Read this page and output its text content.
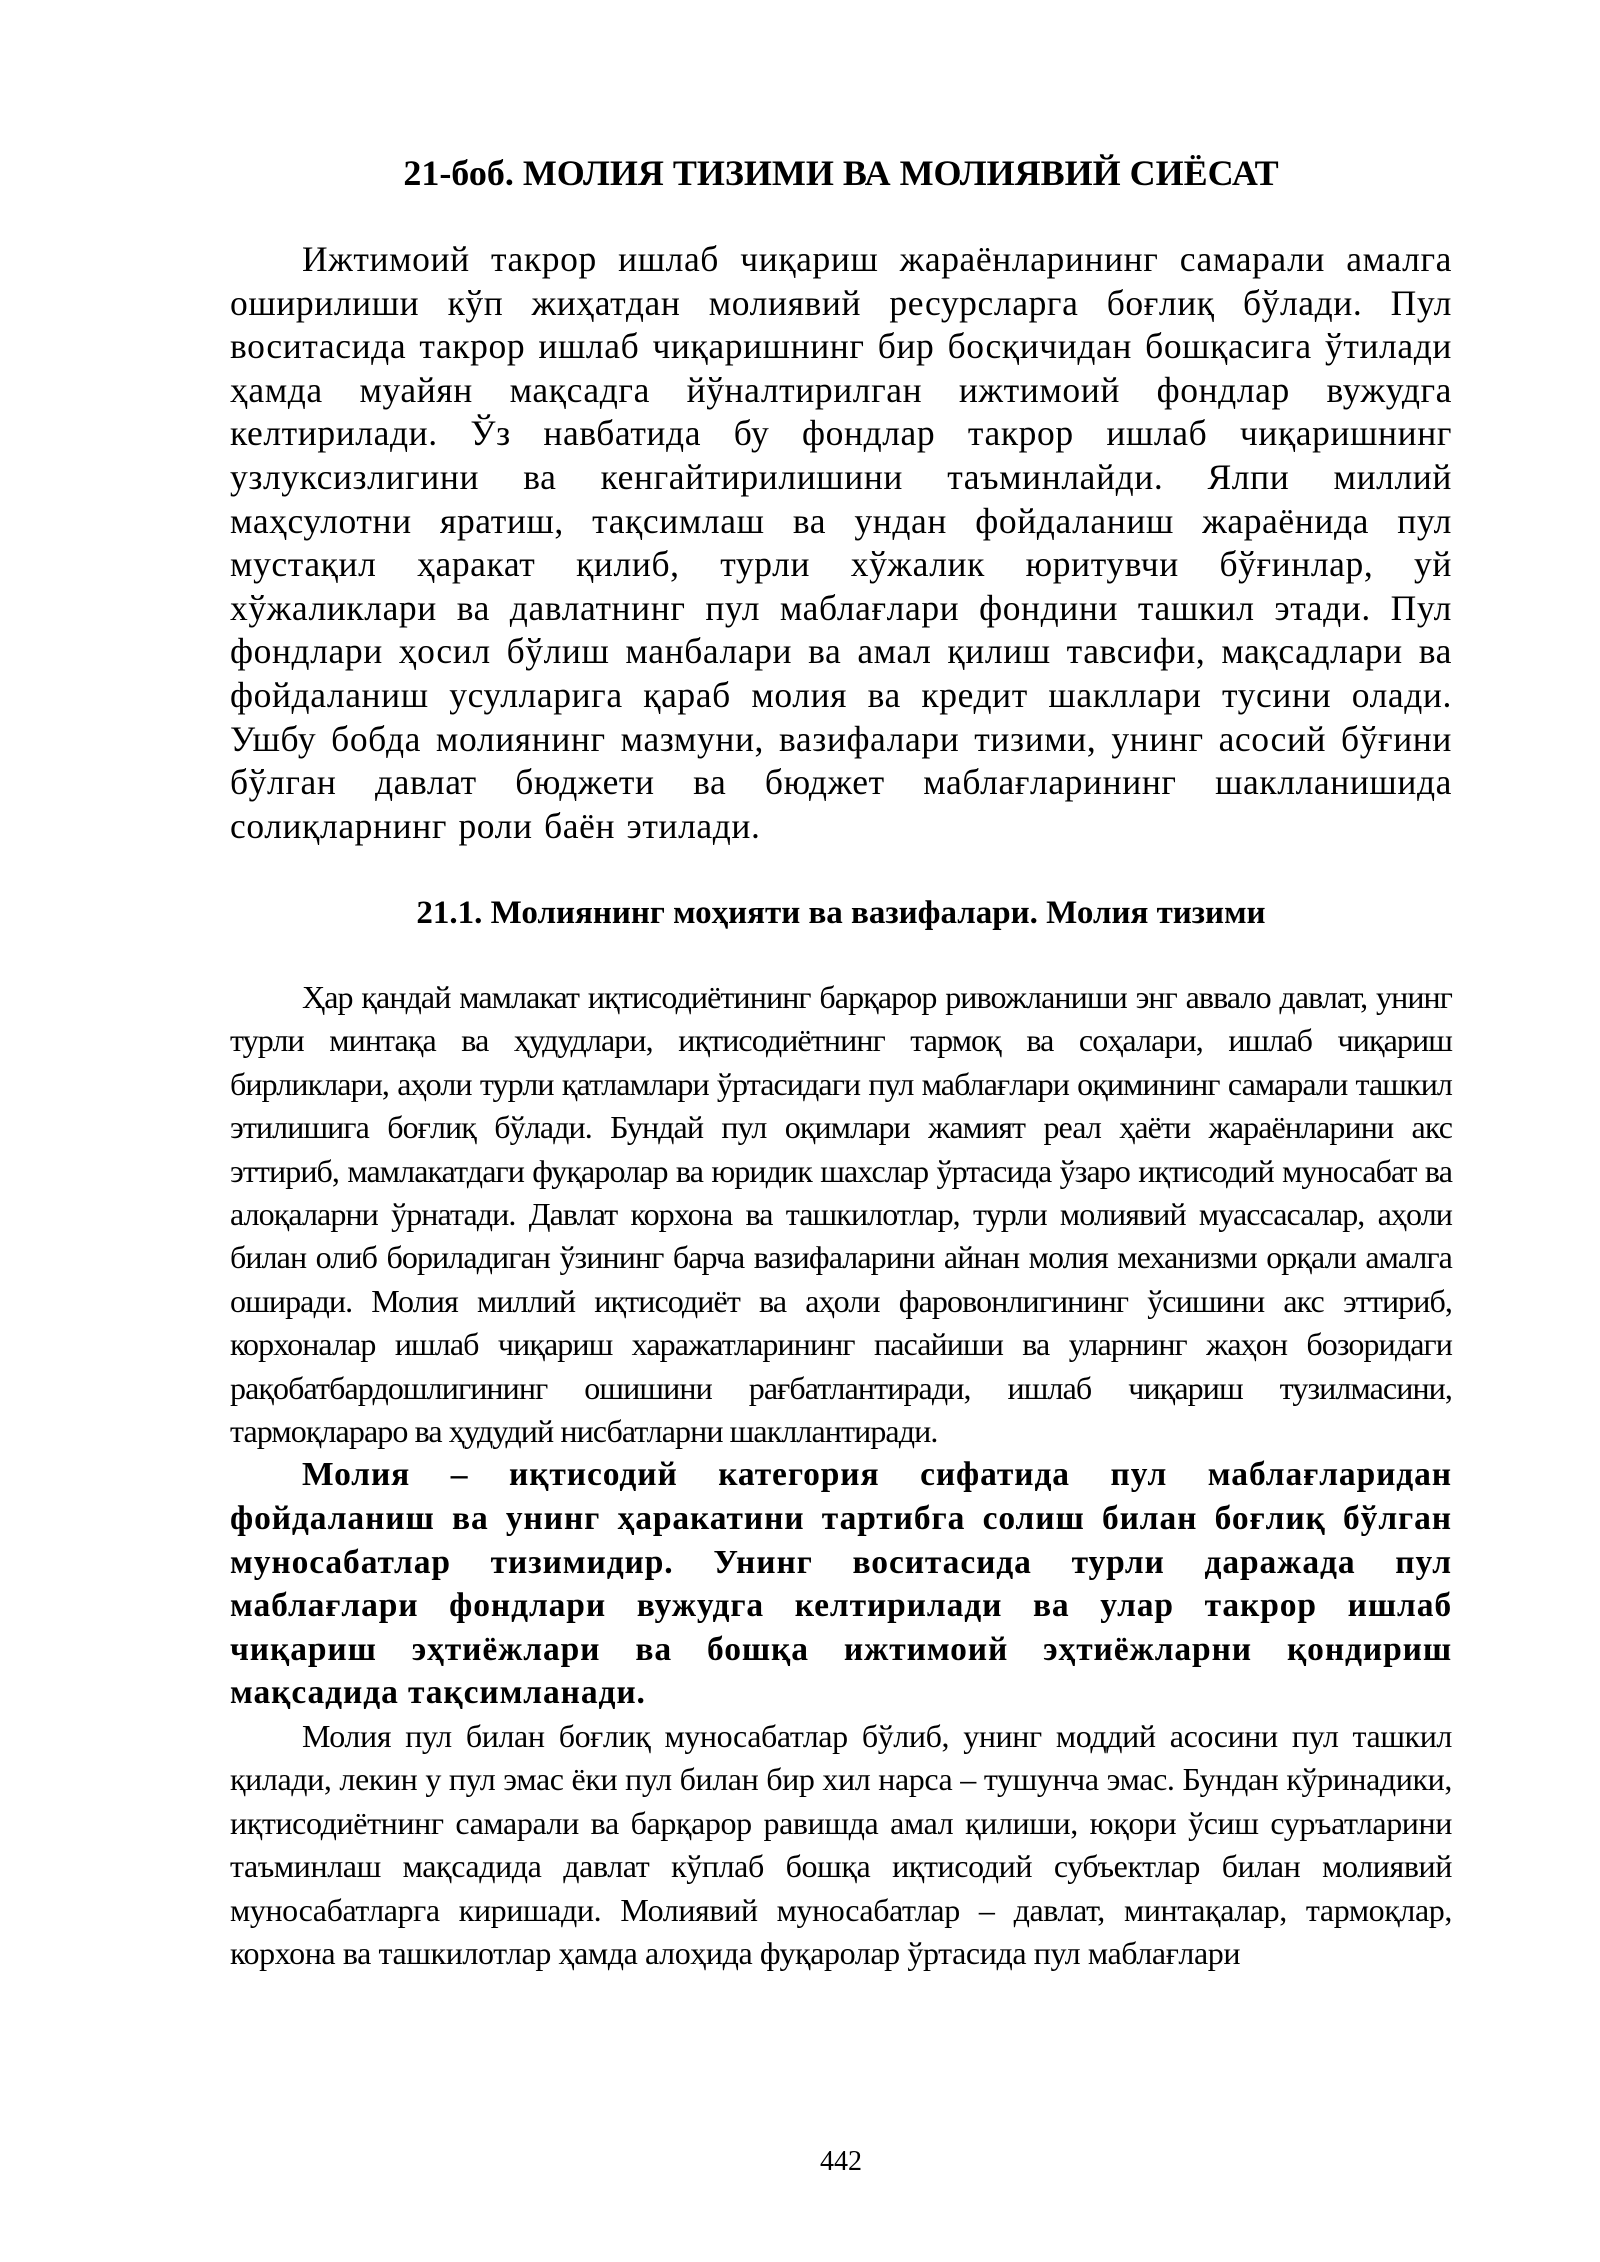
21-боб. МОЛИЯ ТИЗИМИ ВА МОЛИЯВИЙ СИЁСАТ

Ижтимоий такрор ишлаб чиқариш жараёнларининг самарали амалга оширилиши кўп жиҳатдан молиявий ресурсларга боғлиқ бўлади. Пул воситасида такрор ишлаб чиқаришнинг бир босқичидан бошқасига ўтилади ҳамда муайян мақсадга йўналтирилган ижтимоий фондлар вужудга келтирилади. Ўз навбатида бу фондлар такрор ишлаб чиқаришнинг узлуксизлигини ва кенгайтирилишини таъминлайди. Ялпи миллий маҳсулотни яратиш, тақсимлаш ва ундан фойдаланиш жараёнида пул мустақил ҳаракат қилиб, турли хўжалик юритувчи бўғинлар, уй хўжаликлари ва давлатнинг пул маблағлари фондини ташкил этади. Пул фондлари ҳосил бўлиш манбалари ва амал қилиш тавсифи, мақсадлари ва фойдаланиш усулларига қараб молия ва кредит шакллари тусини олади. Ушбу бобда молиянинг мазмуни, вазифалари тизими, унинг асосий бўғини бўлган давлат бюджети ва бюджет маблағларининг шаклланишида солиқларнинг роли баён этилади.

21.1. Молиянинг моҳияти ва вазифалари. Молия тизими

Ҳар қандай мамлакат иқтисодиётининг барқарор ривожланиши энг аввало давлат, унинг турли минтақа ва ҳудудлари, иқтисодиётнинг тармоқ ва соҳалари, ишлаб чиқариш бирликлари, аҳоли турли қатламлари ўртасидаги пул маблағлари оқимининг самарали ташкил этилишига боғлиқ бўлади. Бундай пул оқимлари жамият реал ҳаёти жараёнларини акс эттириб, мамлакатдаги фуқаролар ва юридик шахслар ўртасида ўзаро иқтисодий муносабат ва алоқаларни ўрнатади. Давлат корхона ва ташкилотлар, турли молиявий муассасалар, аҳоли билан олиб бориладиган ўзининг барча вазифаларини айнан молия механизми орқали амалга оширади. Молия миллий иқтисодиёт ва аҳоли фаровонлигининг ўсишини акс эттириб, корхоналар ишлаб чиқариш харажатларининг пасайиши ва уларнинг жаҳон бозоридаги рақобатбардошлигининг ошишини рағбатлантиради, ишлаб чиқариш тузилмасини, тармоқлараро ва ҳудудий нисбатларни шакллантиради.

Молия – иқтисодий категория сифатида пул маблағларидан фойдаланиш ва унинг ҳаракатини тартибга солиш билан боғлиқ бўлган муносабатлар тизимидир. Унинг воситасида турли даражада пул маблағлари фондлари вужудга келтирилади ва улар такрор ишлаб чиқариш эҳтиёжлари ва бошқа ижтимоий эҳтиёжларни қондириш мақсадида тақсимланади.

Молия пул билан боғлиқ муносабатлар бўлиб, унинг моддий асосини пул ташкил қилади, лекин у пул эмас ёки пул билан бир хил нарса – тушунча эмас. Бундан кўринадики, иқтисодиётнинг самарали ва барқарор равишда амал қилиши, юқори ўсиш суръатларини таъминлаш мақсадида давлат кўплаб бошқа иқтисодий субъектлар билан молиявий муносабатларга киришади. Молиявий муносабатлар – давлат, минтақалар, тармоқлар, корхона ва ташкилотлар ҳамда алоҳида фуқаролар ўртасида пул маблағлари

442
